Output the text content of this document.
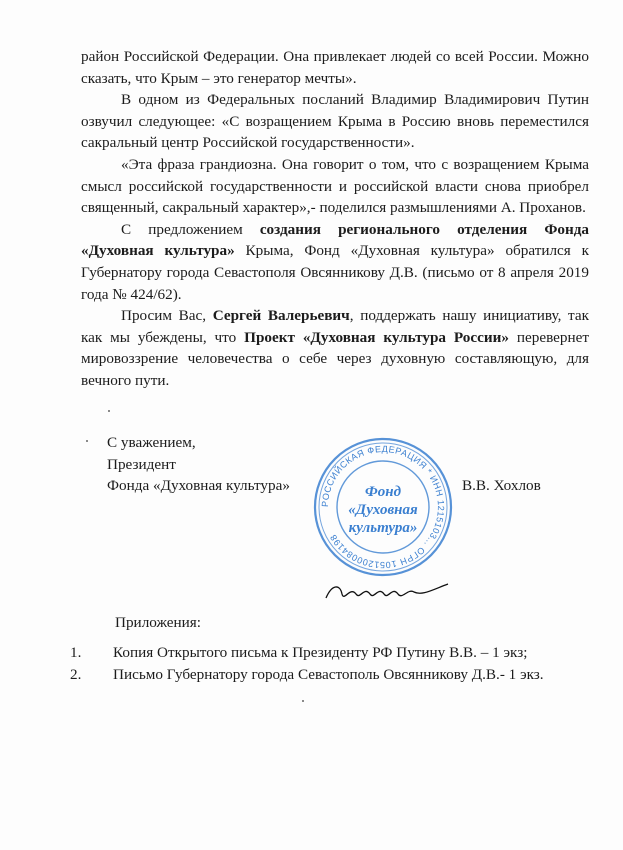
район Российской Федерации. Она привлекает людей со всей России. Можно сказать, что Крым – это генератор мечты».

В одном из Федеральных посланий Владимир Владимирович Путин озвучил следующее: «С возращением Крыма в Россию вновь переместился сакральный центр Российской государственности».

«Эта фраза грандиозна. Она говорит о том, что с возращением Крыма смысл российской государственности и российской власти снова приобрел священный, сакральный характер»,- поделился размышлениями А. Проханов.

С предложением создания регионального отделения Фонда «Духовная культура» Крыма, Фонд «Духовная культура» обратился к Губернатору города Севастополя Овсянникову Д.В. (письмо от 8 апреля 2019 года № 424/62).

Просим Вас, Сергей Валерьевич, поддержать нашу инициативу, так как мы убеждены, что Проект «Духовная культура России» перевернет мировоззрение человечества о себе через духовную составляющую, для вечного пути.

С уважением,
Президент
Фонда «Духовная культура»	В.В. Хохлов
РОССИЙСКАЯ ФЕДЕРАЦИЯ * ИНН 1215103... ОГРН 1051200084198
Фонд
«Духовная
культура»
Приложения:
1.	Копия Открытого письма к Президенту РФ Путину В.В. – 1 экз;
2.	Письмо Губернатору города Севастополь Овсянникову Д.В.- 1 экз.
